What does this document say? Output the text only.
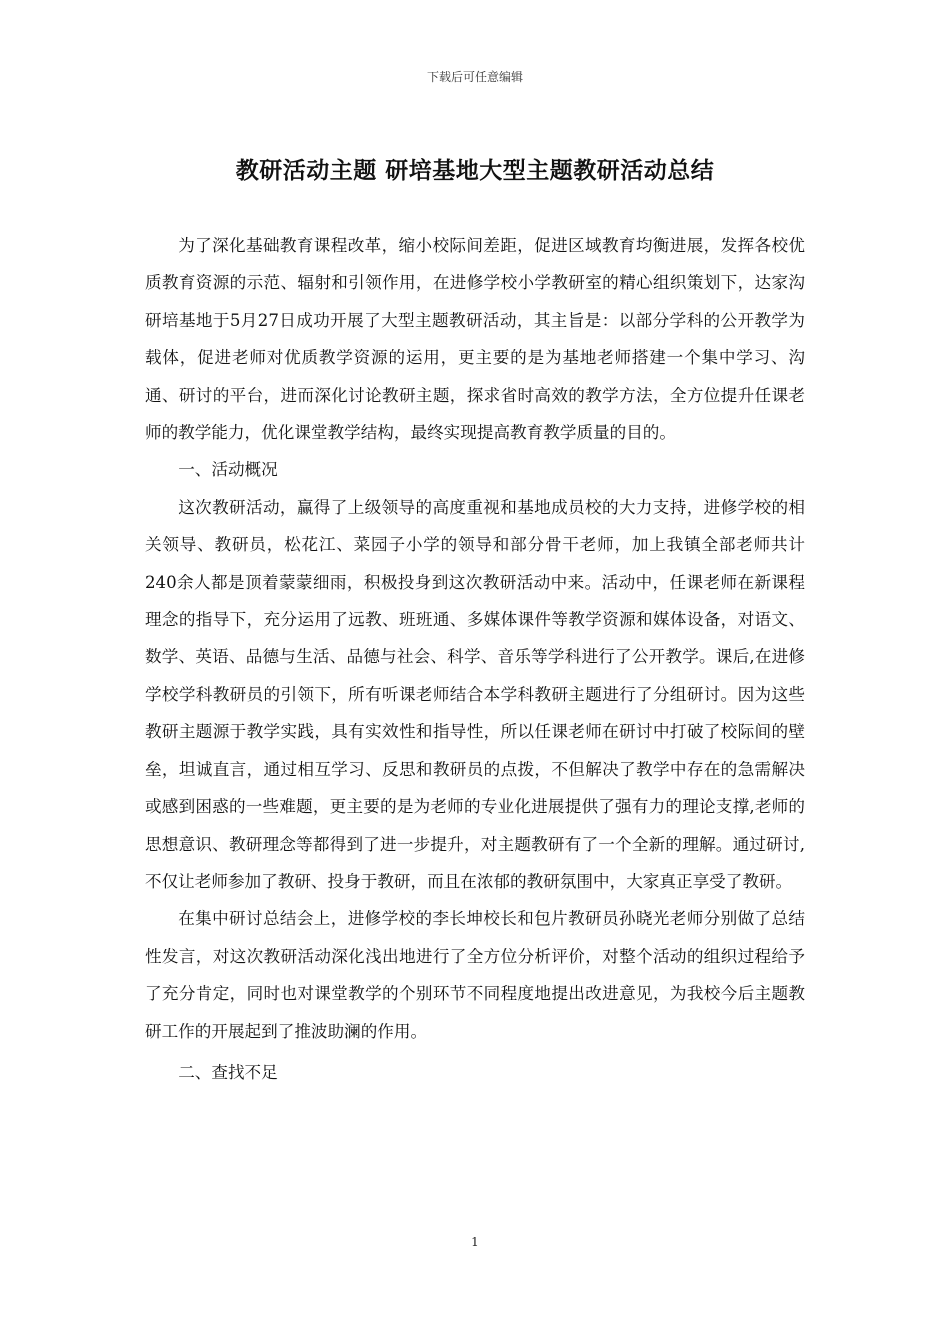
下载后可任意编辑
教研活动主题 研培基地大型主题教研活动总结

为了深化基础教育课程改革，缩小校际间差距，促进区域教育均衡进展，发挥各校优质教育资源的示范、辐射和引领作用，在进修学校小学教研室的精心组织策划下，达家沟研培基地于5月27日成功开展了大型主题教研活动，其主旨是：以部分学科的公开教学为载体，促进老师对优质教学资源的运用，更主要的是为基地老师搭建一个集中学习、沟通、研讨的平台，进而深化讨论教研主题，探求省时高效的教学方法，全方位提升任课老师的教学能力，优化课堂教学结构，最终实现提高教育教学质量的目的。

一、活动概况

这次教研活动，赢得了上级领导的高度重视和基地成员校的大力支持，进修学校的相关领导、教研员，松花江、菜园子小学的领导和部分骨干老师，加上我镇全部老师共计240余人都是顶着蒙蒙细雨，积极投身到这次教研活动中来。活动中，任课老师在新课程理念的指导下，充分运用了远教、班班通、多媒体课件等教学资源和媒体设备，对语文、数学、英语、品德与生活、品德与社会、科学、音乐等学科进行了公开教学。课后,在进修学校学科教研员的引领下，所有听课老师结合本学科教研主题进行了分组研讨。因为这些教研主题源于教学实践，具有实效性和指导性，所以任课老师在研讨中打破了校际间的壁垒，坦诚直言，通过相互学习、反思和教研员的点拨，不但解决了教学中存在的急需解决或感到困惑的一些难题，更主要的是为老师的专业化进展提供了强有力的理论支撑,老师的思想意识、教研理念等都得到了进一步提升，对主题教研有了一个全新的理解。通过研讨,不仅让老师参加了教研、投身于教研，而且在浓郁的教研氛围中，大家真正享受了教研。

在集中研讨总结会上，进修学校的李长坤校长和包片教研员孙晓光老师分别做了总结性发言，对这次教研活动深化浅出地进行了全方位分析评价，对整个活动的组织过程给予了充分肯定，同时也对课堂教学的个别环节不同程度地提出改进意见，为我校今后主题教研工作的开展起到了推波助澜的作用。

二、查找不足

1
